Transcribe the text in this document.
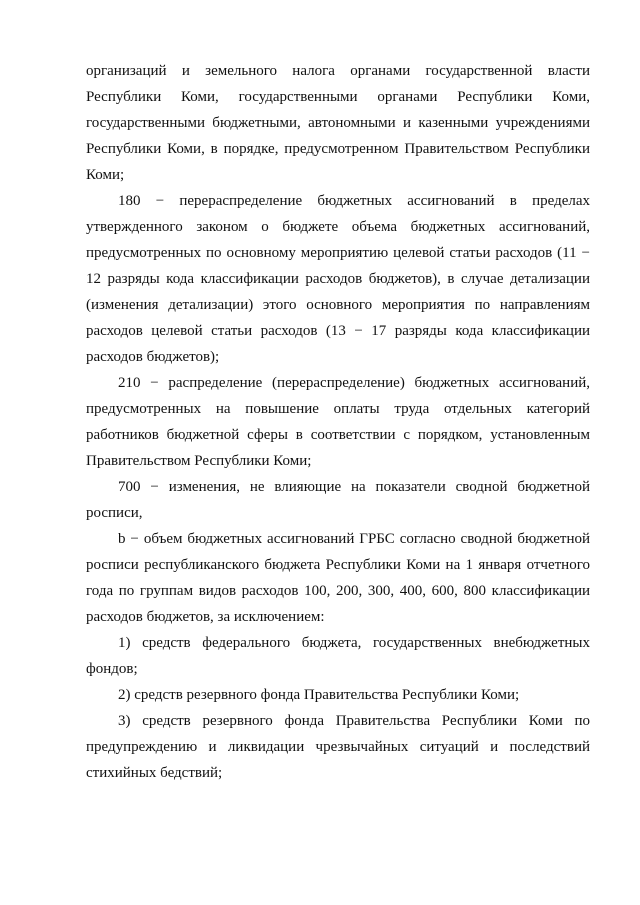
организаций и земельного налога органами государственной власти Республики Коми, государственными органами Республики Коми, государственными бюджетными, автономными и казенными учреждениями Республики Коми, в порядке, предусмотренном Правительством Республики Коми;

180 − перераспределение бюджетных ассигнований в пределах утвержденного законом о бюджете объема бюджетных ассигнований, предусмотренных по основному мероприятию целевой статьи расходов (11 − 12 разряды кода классификации расходов бюджетов), в случае детализации (изменения детализации) этого основного мероприятия по направлениям расходов целевой статьи расходов (13 − 17 разряды кода классификации расходов бюджетов);

210 − распределение (перераспределение) бюджетных ассигнований, предусмотренных на повышение оплаты труда отдельных категорий работников бюджетной сферы в соответствии с порядком, установленным Правительством Республики Коми;

700 − изменения, не влияющие на показатели сводной бюджетной росписи,

b − объем бюджетных ассигнований ГРБС согласно сводной бюджетной росписи республиканского бюджета Республики Коми на 1 января отчетного года по группам видов расходов 100, 200, 300, 400, 600, 800 классификации расходов бюджетов, за исключением:

1) средств федерального бюджета, государственных внебюджетных фондов;

2) средств резервного фонда Правительства Республики Коми;

3) средств резервного фонда Правительства Республики Коми по предупреждению и ликвидации чрезвычайных ситуаций и последствий стихийных бедствий;
